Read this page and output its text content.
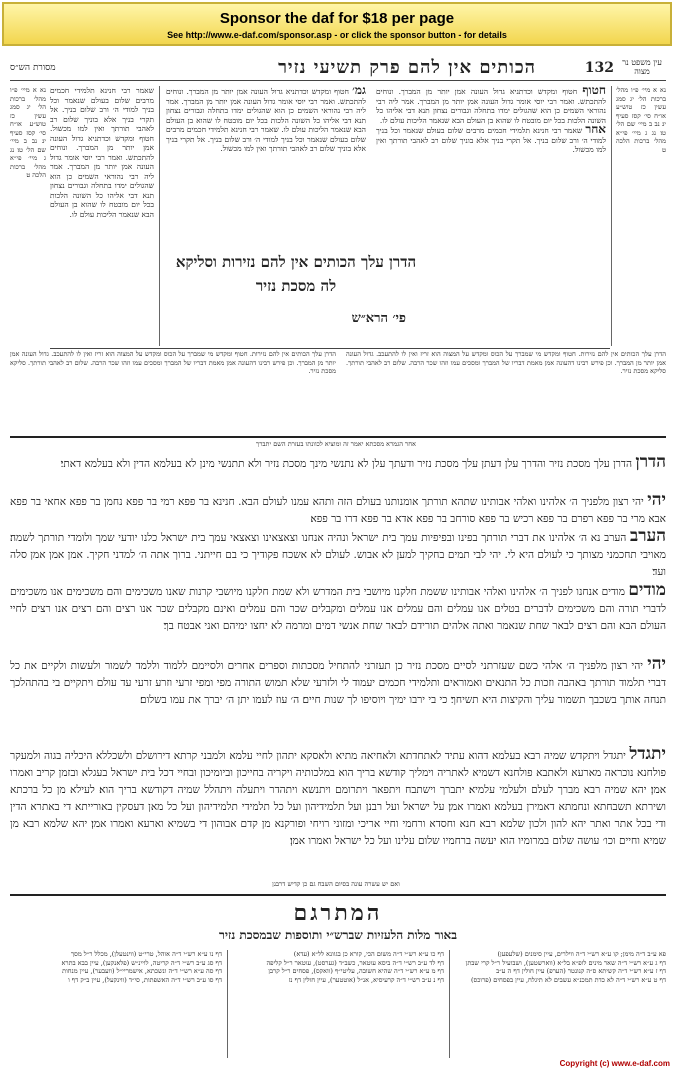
Sponsor the daf for $18 per page
See http://www.e-daf.com/sponsor.asp - or click the sponsor button - for details
עין משפט נר מצוה
132
הכותים אין להם פרק תשיעי נזיר
מסורת הש״ס
נא א מיי׳ פ״ו מהל׳ ברכות הל׳ יג סמג עשין כז טוש״ע או״ח סי׳ קסז סעיף יג׃ נב ב מיי׳ שם הל׳ טו׃ נג ג מיי׳ פי״א מהל׳ ברכות הלכה ט׃
חטוף חטוף ומקדש וכדתניא גדול העונה אמן יותר מן המברך. ונוחים להתכתש. ואמר רבי יוסי אומר גדול העונה אמן יותר מן המברך. אמר ליה רבי נהוראי השמים כן הוא שהגולים ימדו בתחלה וגבורים נצחון תנא דבי אליהו כל השונה הלכות בכל יום מובטח לו שהוא בן העולם הבא שנאמר הליכות עולם לו.
אחר שאמר רבי חנינא תלמידי חכמים מרבים שלום בעולם שנאמר וכל בניך למודי ה׳ ורב שלום בניך. אל תקרי בניך אלא בוניך שלום רב לאהבי תורתך ואין למו מכשול.
גמ׳ חטוף ומקדש וכדתניא גדול העונה אמן יותר מן המברך. ונוחים להתכתש. ואמר רבי יוסי אומר גדול העונה אמן יותר מן המברך. אמר ליה רבי נהוראי השמים כן הוא שהגולים ימדו בתחלה וגבורים נצחון תנא דבי אליהו כל השונה הלכות בכל יום מובטח לו שהוא בן העולם הבא שנאמר הליכות עולם לו. שאמר רבי חנינא תלמידי חכמים מרבים שלום בעולם שנאמר וכל בניך למודי ה׳ ורב שלום בניך. אל תקרי בניך אלא בוניך שלום רב לאהבי תורתך ואין למו מכשול.
שאמר רבי חנינא תלמידי חכמים מרבים שלום בעולם שנאמר וכל בניך למודי ה׳ ורב שלום בניך. אל תקרי בניך אלא בוניך שלום רב לאהבי תורתך ואין למו מכשול. חטוף ומקדש וכדתניא גדול העונה אמן יותר מן המברך. ונוחים להתכתש. ואמר רבי יוסי אומר גדול העונה אמן יותר מן המברך. אמר ליה רבי נהוראי השמים כן הוא שהגולים ימדו בתחלה וגבורים נצחון תנא דבי אליהו כל השונה הלכות בכל יום מובטח לו שהוא בן העולם הבא שנאמר הליכות עולם לו.
נא א מיי׳ פ״ו מהל׳ ברכות הל׳ יג סמג עשין כז טוש״ע או״ח סי׳ קסז סעיף יג׃ נב ב מיי׳ שם הל׳ טו׃ נג ג מיי׳ פי״א מהל׳ ברכות הלכה ט׃
הדרן עלך הכותים אין להם נזירות וסליקא לה מסכת נזיר
פי׳ הרא״ש
הדרן עלך הכותים אין להם נזירות. חטוף ומקדש מי שמברך על הכוס ומקדש על המצוה הוא זריז ואין לו להתעכב. גדול העונה אמן יותר מן המברך. וכן פירש רבינו דהעונה אמן מאמת דבריו של המברך ומסכים עמו וזהו שכר הרבה. שלום רב לאהבי תורתך. סליקא מסכת נזיר.
הדרן עלך הכותים אין להם נזירות. חטוף ומקדש מי שמברך על הכוס ומקדש על המצוה הוא זריז ואין לו להתעכב. גדול העונה אמן יותר מן המברך. וכן פירש רבינו דהעונה אמן מאמת דבריו של המברך ומסכים עמו וזהו שכר הרבה. שלום רב לאהבי תורתך. סליקא מסכת נזיר.
אחר הגמרא מסכתא יאמר זה ומוציא לכוונתו בעזרת השם יתברך
הדרן הדרן עלך מסכת נזיר והדרך עלן דעתן עלך מסכת נזיר ודעתך עלן לא נתנשי מינך מסכת נזיר ולא תתנשי מינן לא בעלמא הדין ולא בעלמא דאתי׃
יהי יהי רצון מלפניך ה׳ אלהינו ואלהי אבותינו שתהא תורתך אומנותנו בעולם הזה ותהא עמנו לעולם הבא. חנינא בר פפא רמי בר פפא נחמן בר פפא אחאי בר פפא אבא מרי בר פפא רפרם בר פפא רכיש בר פפא סורחב בר פפא אדא בר פפא דרו בר פפא׃
הערב הערב נא ה׳ אלהינו את דברי תורתך בפינו ובפיפיות עמך בית ישראל ונהיה אנחנו וצאצאינו וצאצאי עמך בית ישראל כלנו יודעי שמך ולומדי תורתך לשמה׃ מאויבי תחכמני מצותך כי לעולם היא לי. יהי לבי תמים בחקיך למען לא אבוש. לעולם לא אשכח פקודיך כי בם חייתני. ברוך אתה ה׳ למדני חקיך. אמן אמן אמן סלה ועד׃
מודים מודים אנחנו לפניך ה׳ אלהינו ואלהי אבותינו ששמת חלקנו מיושבי בית המדרש ולא שמת חלקנו מיושבי קרנות שאנו משכימים והם משכימים אנו משכימים לדברי תורה והם משכימים לדברים בטלים אנו עמלים והם עמלים אנו עמלים ומקבלים שכר והם עמלים ואינם מקבלים שכר אנו רצים והם רצים אנו רצים לחיי העולם הבא והם רצים לבאר שחת שנאמר ואתה אלהים תורידם לבאר שחת אנשי דמים ומרמה לא יחצו ימיהם ואני אבטח בך׃
יהי יהי רצון מלפניך ה׳ אלהי כשם שעזרתני לסיים מסכת נזיר כן תעזרני להתחיל מסכתות וספרים אחרים ולסיימם ללמוד וללמד לשמור ולעשות ולקיים את כל דברי תלמוד תורתך באהבה וזכות כל התנאים ואמוראים ותלמידי חכמים יעמוד לי ולזרעי שלא תמוש התורה מפי ומפי זרעי וזרע זרעי עד עולם ויתקיים בי בהתהלכך תנחה אותך בשכבך תשמור עליך והקיצות היא תשיחך׃ כי בי ירבו ימיך ויוסיפו לך שנות חיים׃ ה׳ עוז לעמו יתן ה׳ יברך את עמו בשלום׃
יתגדל יתגדל ויתקדש שמיה רבא בעלמא דהוא עתיד לאתחדתא ולאחיאה מתיא ולאסקא יתהון לחיי עלמא ולמבני קרתא דירושלם ולשכללא היכליה בגוה ולמעקר פולחנא נוכראה מארעא ולאתבא פולחנא דשמיא לאתריה וימליך קודשא בריך הוא במלכותיה ויקריה בחייכון וביומיכון ובחיי דכל בית ישראל בעגלא ובזמן קריב ואמרו אמן׃ יהא שמיה רבא מברך לעלם ולעלמי עלמיא׃ יתברך וישתבח ויתפאר ויתרומם ויתנשא ויתהדר ויתעלה ויתהלל שמיה דקודשא בריך הוא׃ לעילא מן כל ברכתא ושירתא תשבחתא ונחמתא דאמירן בעלמא ואמרו אמן׃ על ישראל ועל רבנן ועל תלמידיהון ועל כל תלמידי תלמידיהון ועל כל מאן דעסקין באורייתא די באתרא הדין ודי בכל אתר ואתר יהא להון ולכון שלמא רבא חנא וחסדא ורחמי וחיי אריכי ומזוני רויחי ופורקנא מן קדם אבוהון די בשמיא וארעא ואמרו אמן׃ יהא שלמא רבא מן שמיא וחיים וכו׳ עושה שלום במרומיו הוא יעשה ברחמיו שלום עלינו ועל כל ישראל ואמרו אמן׃
ואם יש עשרה עונה בסיום השבח גם כן קדיש דרבנן
המתרגם
באור מלות הלעזיות שברש״י ותוספות שבמסכת נזיר
פא ע״ב ד״ה מימן; קו ע״א רש״י ד״ה ווילרים, עיין סימנים (שלעפען)
דף ג ע״א רש״י ד״ה שאר מינים לופ״א בל״א (ווארשטען), ושבועיל ר״ל קרי שבתן
דף ז ע״א רש״י ד״ה קשיתא ס״ה קנונטר (הערפ) עיין חולין דף ה ע״ב
דף ט ע״א רש״י ד״ה לא כדת תמכנ״א עשבים לא תיגלח, עיין בפסחים (פרוכס)
דף כו ע״א רש״י ד״ה משום הכי, קורא כן בגוונא לל״א (עדא)
דף לד ע״ב רש״י ד״ה ביסא עוטאר, כשב״ד (גערסט), עוטאר ר״ל קליפה
דף מ ע״א רש״י ד״ה שהיא חשובה, עליטי״ף (וואקס), פסחים ר״ל קרבן
דף נ ע״ב רש״י ד״ה קרעיסיא, אנ״ל (אוטטער), עיין חולין דף נז
דף נו ע״א רש״י ד״ה אוהל, טרי״ט (ווינטעלן), מכלל ר״ל מסך
דף סג ע״ב רש״י ד״ה קריטה, לויינ״ש (פלאנקען), עיין בבא בתרא
דף סה ע״א רש״י ד״ה ונשכתא, אישמריי״ל (וועבער), עיין מנחות
דף סו ע״ב רש״י ד״ה האשפתות, סי״ד (ווינקעל), עיין ב״ק דף ו
Copyright (c) www.e-daf.com
